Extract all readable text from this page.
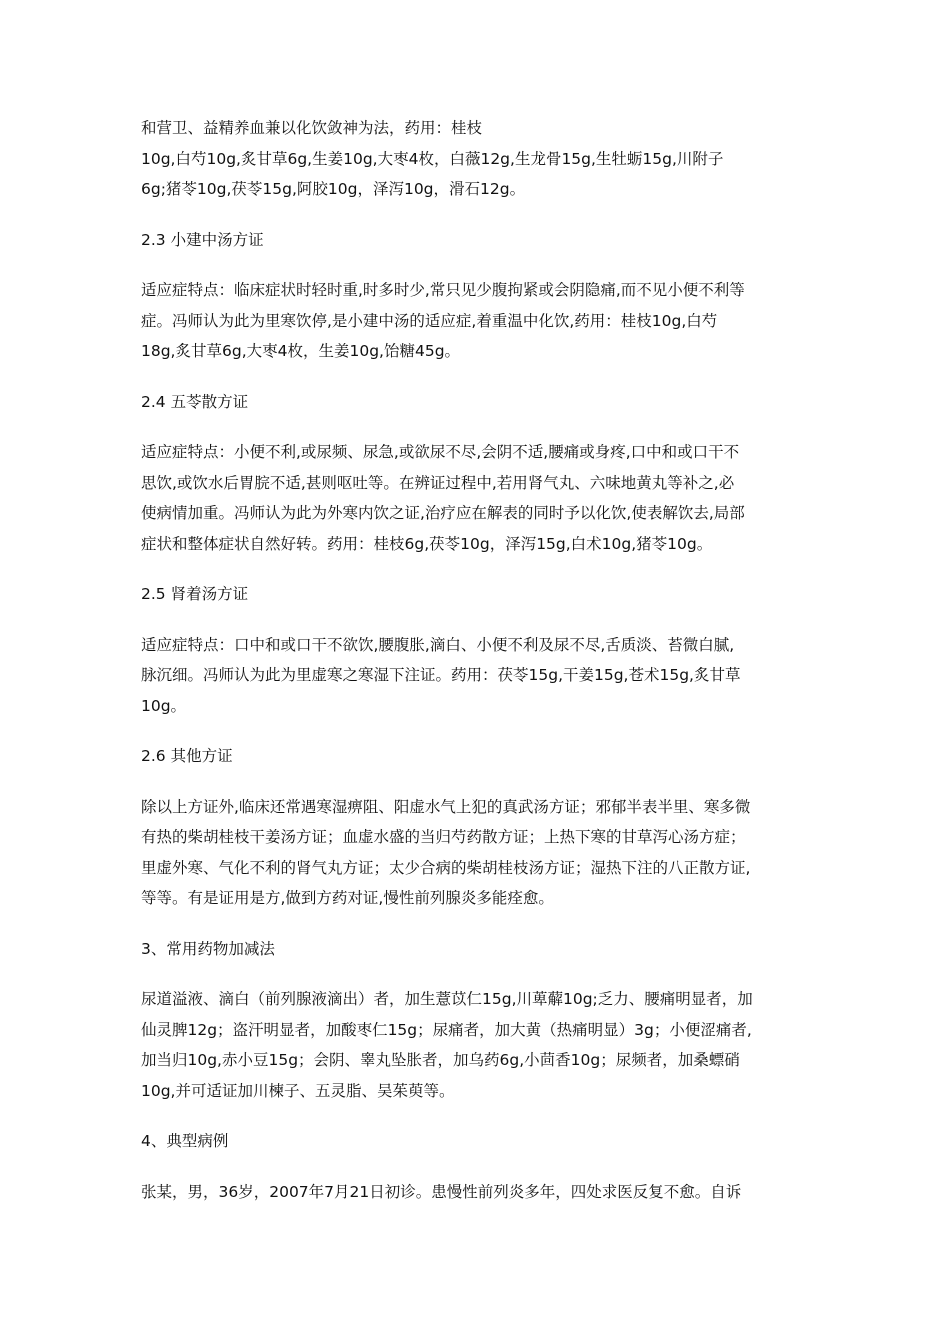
和营卫、益精养血兼以化饮敛神为法，药用：桂枝
10g,白芍10g,炙甘草6g,生姜10g,大枣4枚，白薇12g,生龙骨15g,生牡蛎15g,川附子
6g;猪苓10g,茯苓15g,阿胶10g，泽泻10g，滑石12g。
2.3 小建中汤方证
适应症特点：临床症状时轻时重,时多时少,常只见少腹拘紧或会阴隐痛,而不见小便不利等
症。冯师认为此为里寒饮停,是小建中汤的适应症,着重温中化饮,药用：桂枝10g,白芍
18g,炙甘草6g,大枣4枚，生姜10g,饴糖45g。
2.4 五苓散方证
适应症特点：小便不利,或尿频、尿急,或欲尿不尽,会阴不适,腰痛或身疼,口中和或口干不
思饮,或饮水后胃脘不适,甚则呕吐等。在辨证过程中,若用肾气丸、六味地黄丸等补之,必
使病情加重。冯师认为此为外寒内饮之证,治疗应在解表的同时予以化饮,使表解饮去,局部
症状和整体症状自然好转。药用：桂枝6g,茯苓10g，泽泻15g,白术10g,猪苓10g。
2.5 肾着汤方证
适应症特点：口中和或口干不欲饮,腰腹胀,滴白、小便不利及尿不尽,舌质淡、苔微白腻,
脉沉细。冯师认为此为里虚寒之寒湿下注证。药用：茯苓15g,干姜15g,苍术15g,炙甘草
10g。
2.6 其他方证
除以上方证外,临床还常遇寒湿痹阻、阳虚水气上犯的真武汤方证；邪郁半表半里、寒多微
有热的柴胡桂枝干姜汤方证；血虚水盛的当归芍药散方证；上热下寒的甘草泻心汤方症；
里虚外寒、气化不利的肾气丸方证；太少合病的柴胡桂枝汤方证；湿热下注的八正散方证,
等等。有是证用是方,做到方药对证,慢性前列腺炎多能痊愈。
3、常用药物加减法
尿道溢液、滴白（前列腺液滴出）者，加生薏苡仁15g,川萆薢10g;乏力、腰痛明显者，加
仙灵脾12g；盗汗明显者，加酸枣仁15g；尿痛者，加大黄（热痛明显）3g；小便涩痛者,
加当归10g,赤小豆15g；会阴、睾丸坠胀者，加乌药6g,小茴香10g；尿频者，加桑螵硝
10g,并可适证加川楝子、五灵脂、吴茱萸等。
4、典型病例
张某，男，36岁，2007年7月21日初诊。患慢性前列炎多年，四处求医反复不愈。自诉
